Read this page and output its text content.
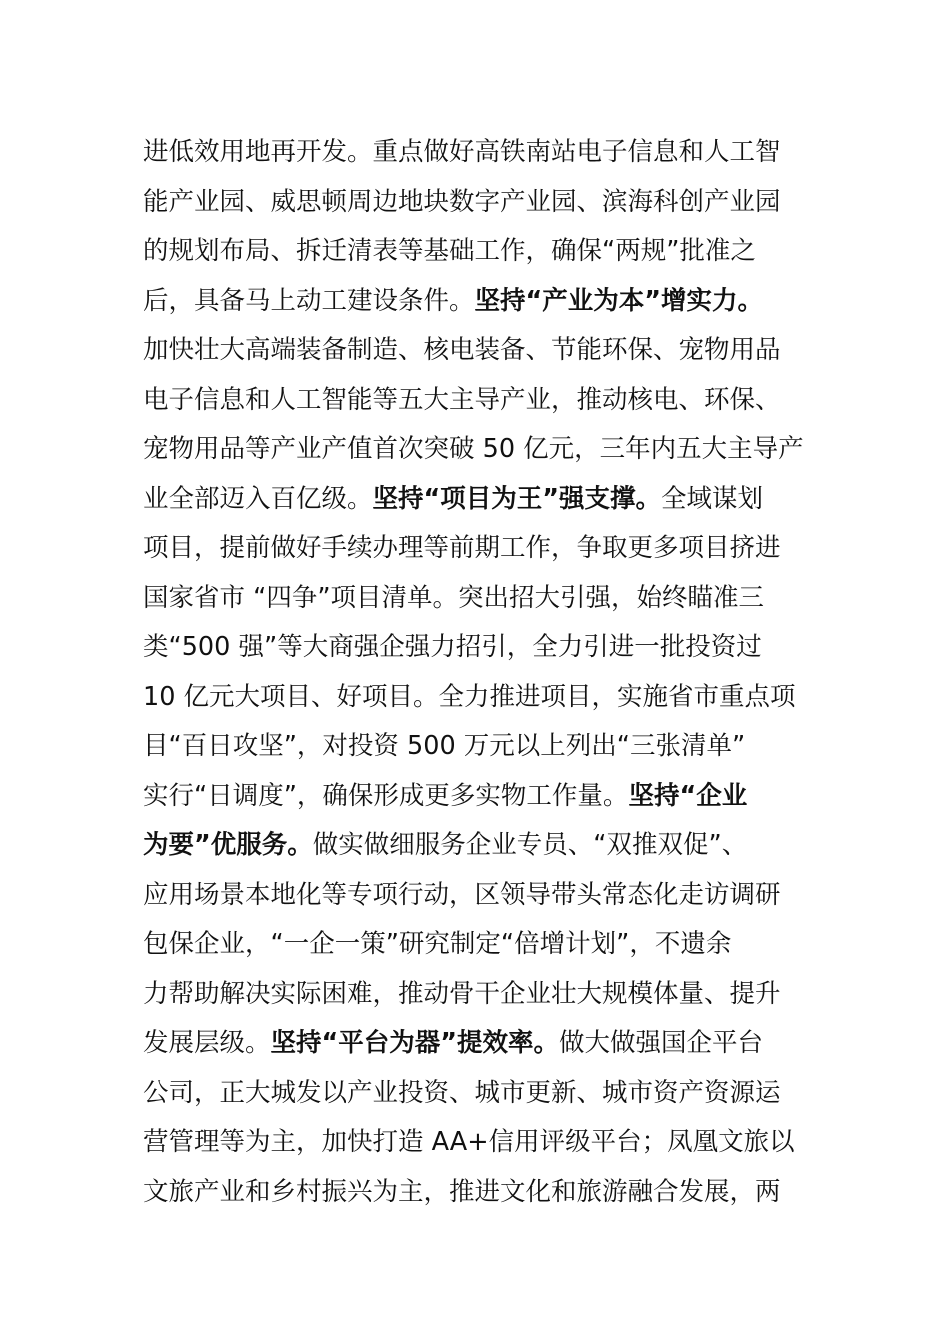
进低效用地再开发。重点做好高铁南站电子信息和人工智
能产业园、威思顿周边地块数字产业园、滨海科创产业园
的规划布局、拆迁清表等基础工作，确保“两规”批准之
后，具备马上动工建设条件。坚持“产业为本”增实力。
加快壮大高端装备制造、核电装备、节能环保、宠物用品
电子信息和人工智能等五大主导产业，推动核电、环保、
宠物用品等产业产值首次突破 50 亿元，三年内五大主导产
业全部迈入百亿级。坚持“项目为王”强支撑。全域谋划
项目，提前做好手续办理等前期工作，争取更多项目挤进
国家省市 “四争”项目清单。突出招大引强，始终瞄准三
类“500 强”等大商强企强力招引，全力引进一批投资过
10 亿元大项目、好项目。全力推进项目，实施省市重点项
目“百日攻坚”，对投资 500 万元以上列出“三张清单”
实行“日调度”，确保形成更多实物工作量。坚持“企业
为要”优服务。做实做细服务企业专员、“双推双促”、
应用场景本地化等专项行动，区领导带头常态化走访调研
包保企业，“一企一策”研究制定“倍增计划”，不遗余
力帮助解决实际困难，推动骨干企业壮大规模体量、提升
发展层级。坚持“平台为器”提效率。做大做强国企平台
公司，正大城发以产业投资、城市更新、城市资产资源运
营管理等为主，加快打造 AA+信用评级平台；凤凰文旅以
文旅产业和乡村振兴为主，推进文化和旅游融合发展，两
